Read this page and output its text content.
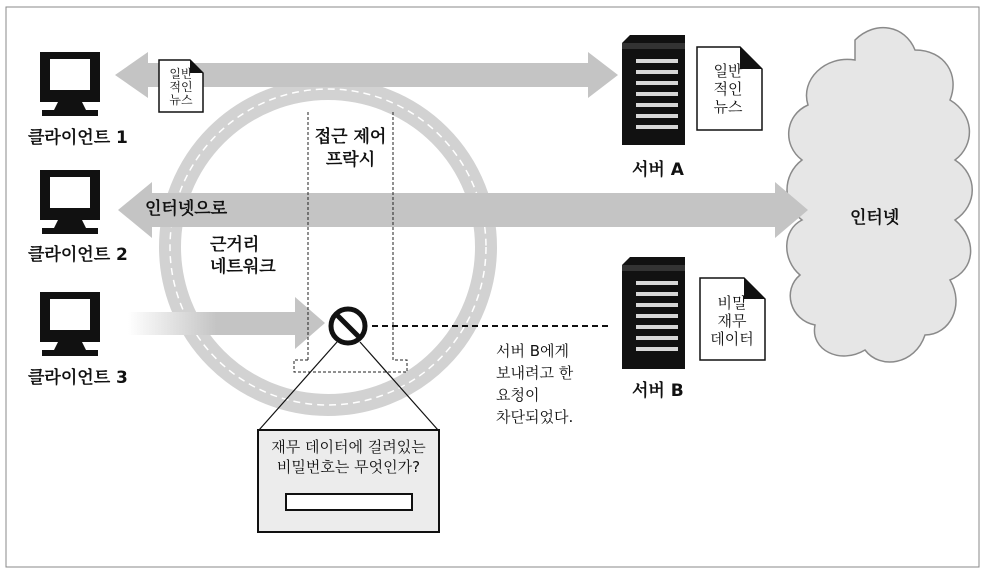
클라이언트 1
클라이언트 2
클라이언트 3
서버 A
서버 B
인터넷
인터넷으로
접근 제어
프락시
근거리
네트워크
서버 B에게
보내려고 한
요청이
차단되었다.
일반
적인
뉴스
일반
적인
뉴스
비밀
재무
데이터
재무 데이터에 걸려있는
비밀번호는 무엇인가?
